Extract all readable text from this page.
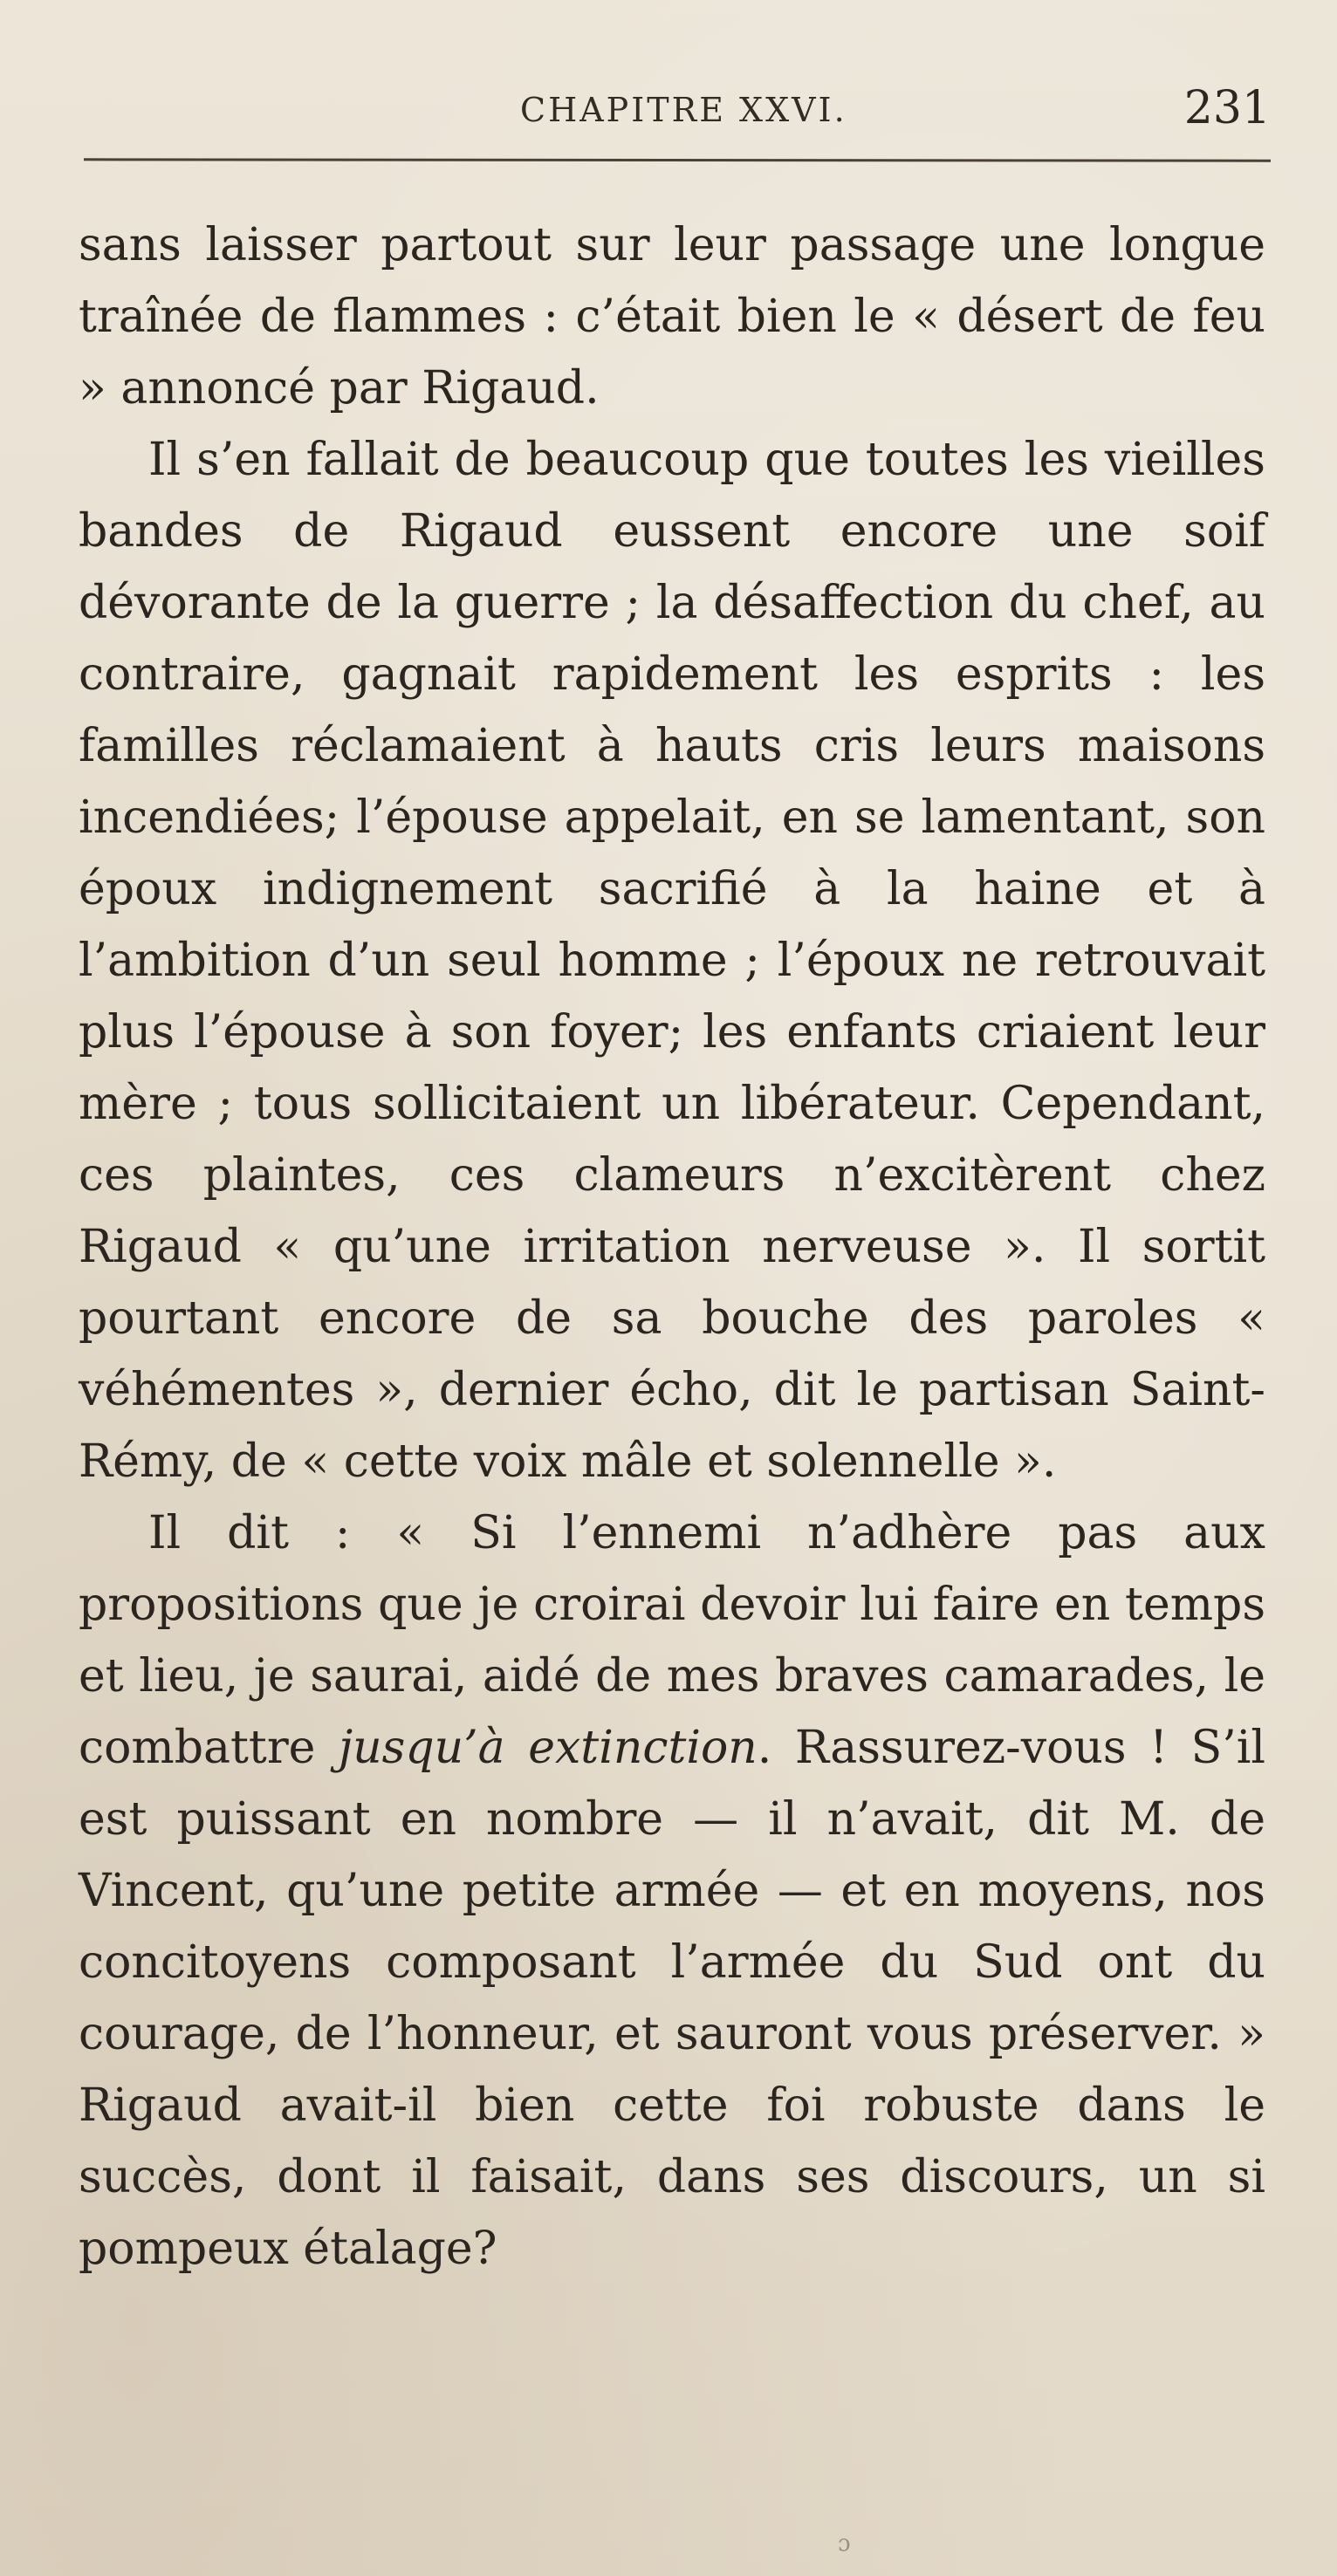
CHAPITRE XXVI.	231

sans laisser partout sur leur passage une longue traînée de flammes : c’était bien le « désert de feu » annoncé par Rigaud.

Il s’en fallait de beaucoup que toutes les vieilles bandes de Rigaud eussent encore une soif dévorante de la guerre ; la désaffection du chef, au contraire, gagnait rapidement les esprits : les familles réclamaient à hauts cris leurs maisons incendiées; l’épouse appelait, en se lamentant, son époux indignement sacrifié à la haine et à l’ambition d’un seul homme ; l’époux ne retrouvait plus l’épouse à son foyer; les enfants criaient leur mère ; tous sollicitaient un libérateur. Cependant, ces plaintes, ces clameurs n’excitèrent chez Rigaud « qu’une irritation nerveuse ». Il sortit pourtant encore de sa bouche des paroles « véhémentes », dernier écho, dit le partisan Saint-Rémy, de « cette voix mâle et solennelle ».

Il dit : « Si l’ennemi n’adhère pas aux propositions que je croirai devoir lui faire en temps et lieu, je saurai, aidé de mes braves camarades, le combattre jusqu’à extinction. Rassurez-vous ! S’il est puissant en nombre — il n’avait, dit M. de Vincent, qu’une petite armée — et en moyens, nos concitoyens composant l’armée du Sud ont du courage, de l’honneur, et sauront vous préserver. » Rigaud avait-il bien cette foi robuste dans le succès, dont il faisait, dans ses discours, un si pompeux étalage?

ɔ
